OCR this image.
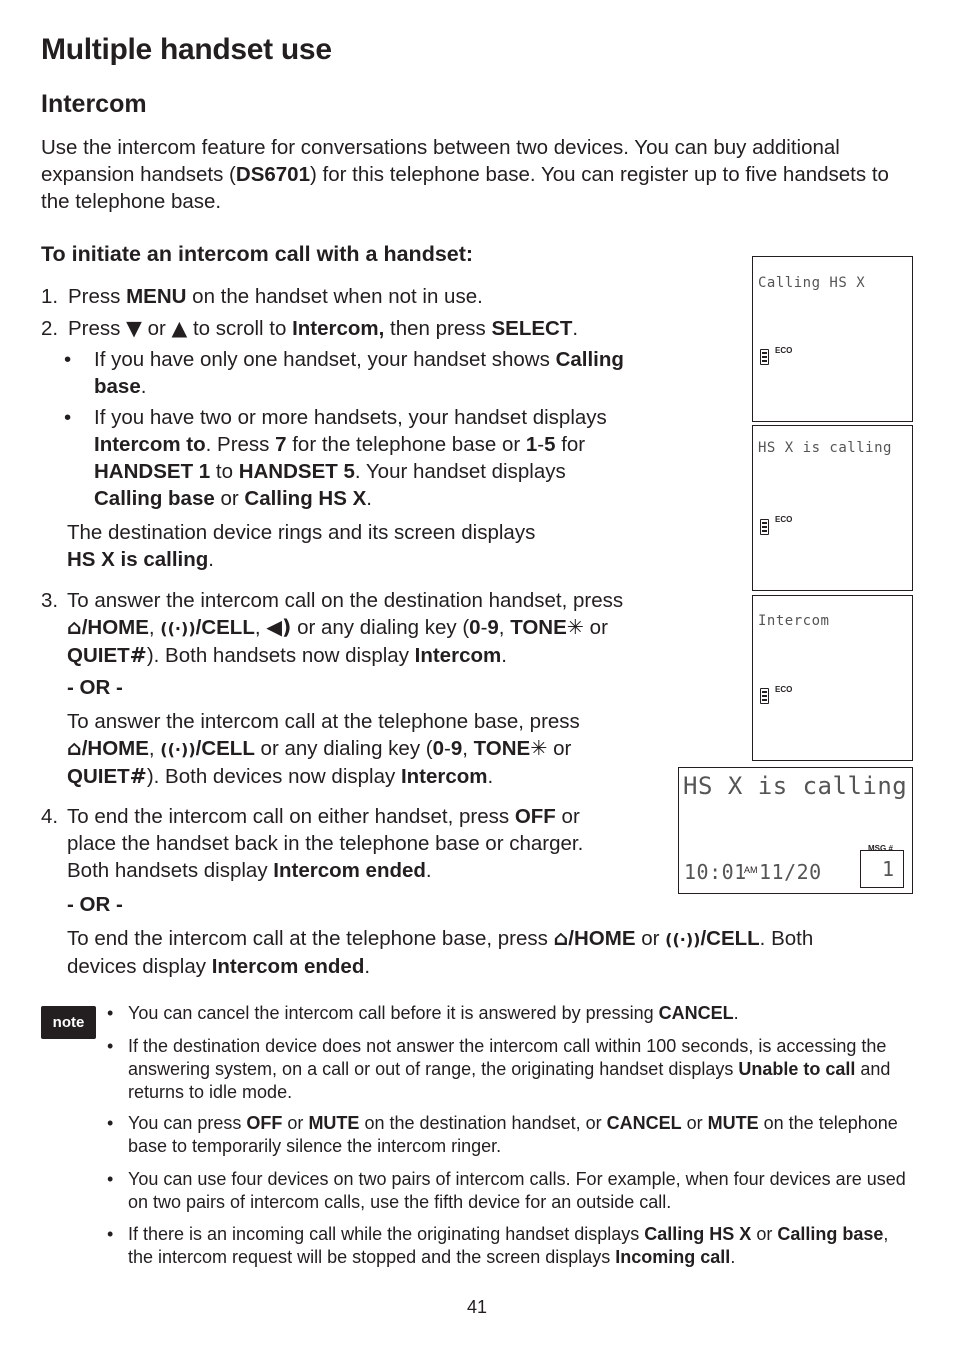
Multiple handset use
Intercom
Use the intercom feature for conversations between two devices. You can buy additional expansion handsets (DS6701) for this telephone base. You can register up to five handsets to the telephone base.
To initiate an intercom call with a handset:
1. Press MENU on the handset when not in use.
2. Press ▼ or ▲ to scroll to Intercom, then press SELECT.
• If you have only one handset, your handset shows Calling
base.
• If you have two or more handsets, your handset displays
Intercom to. Press 7 for the telephone base or 1-5 for
HANDSET 1 to HANDSET 5. Your handset displays
Calling base or Calling HS X.
The destination device rings and its screen displays
HS X is calling.
3. To answer the intercom call on the destination handset, press
⌂/HOME, ((·))/CELL, ◀) or any dialing key (0-9, TONE✳ or
QUIET#). Both handsets now display Intercom.
- OR -
To answer the intercom call at the telephone base, press
⌂/HOME, ((·))/CELL or any dialing key (0-9, TONE✳ or
QUIET#). Both devices now display Intercom.
4. To end the intercom call on either handset, press OFF or
place the handset back in the telephone base or charger.
Both handsets display Intercom ended.
- OR -
To end the intercom call at the telephone base, press ⌂/HOME or ((·))/CELL. Both
devices display Intercom ended.
Calling HS X
ECO
HS X is calling
ECO
Intercom
ECO
HS X is calling
10:01
AM 11/20
MSG #
1
note	• You can cancel the intercom call before it is answered by pressing CANCEL.
• If the destination device does not answer the intercom call within 100 seconds, is accessing the answering system, on a call or out of range, the originating handset displays Unable to call and returns to idle mode.
• You can press OFF or MUTE on the destination handset, or CANCEL or MUTE on the telephone base to temporarily silence the intercom ringer.
• You can use four devices on two pairs of intercom calls. For example, when four devices are used on two pairs of intercom calls, use the fifth device for an outside call.
• If there is an incoming call while the originating handset displays Calling HS X or Calling base, the intercom request will be stopped and the screen displays Incoming call.
41
